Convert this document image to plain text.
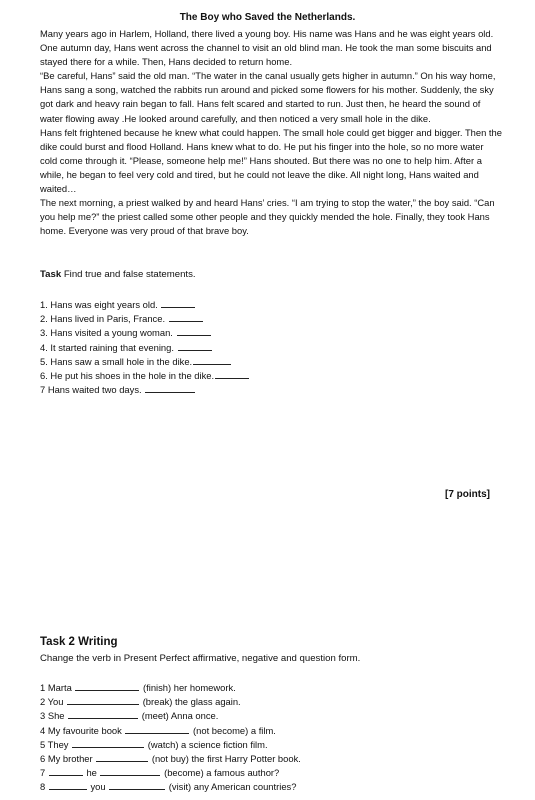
The Boy who Saved the Netherlands.

Many years ago in Harlem, Holland, there lived a young boy. His name was Hans and he was eight years old. One autumn day, Hans went across the channel to visit an old blind man. He took the man some biscuits and stayed there for a while. Then, Hans decided to return home.

“Be careful, Hans” said the old man. “The water in the canal usually gets higher in autumn.” On his way home, Hans sang a song, watched the rabbits run around and picked some flowers for his mother. Suddenly, the sky got dark and heavy rain began to fall. Hans felt scared and started to run. Just then, he heard the sound of water flowing away .He looked around carefully, and then noticed a very small hole in the dike.

Hans felt frightened because he knew what could happen. The small hole could get bigger and bigger. Then the dike could burst and flood Holland. Hans knew what to do. He put his finger into the hole, so no more water cold come through it. “Please, someone help me!” Hans shouted. But there was no one to help him. After a while, he began to feel very cold and tired, but he could not leave the dike. All night long, Hans waited and waited…

The next morning, a priest walked by and heard Hans’ cries. “I am trying to stop the water,” the boy said. “Can you help me?” the priest called some other people and they quickly mended the hole. Finally, they took Hans home. Everyone was very proud of that brave boy.

Task Find true and false statements.
1. Hans was eight years old.
2. Hans lived in Paris, France.
3. Hans visited a young woman.
4. It started raining that evening.
5. Hans saw a small hole in the dike.
6. He put his shoes in the hole in the dike.
7 Hans waited two days.
[7 points]
Task 2 Writing
Change the verb in Present Perfect affirmative, negative and question form.
1 Marta	(finish) her homework.
2 You	(break) the glass again.
3 She	(meet) Anna once.
4 My favourite book	(not become) a film.
5 They	(watch) a science fiction film.
6 My brother	(not buy) the first Harry Potter book.
7	he	(become) a famous author?
8	you	(visit) any American countries?
